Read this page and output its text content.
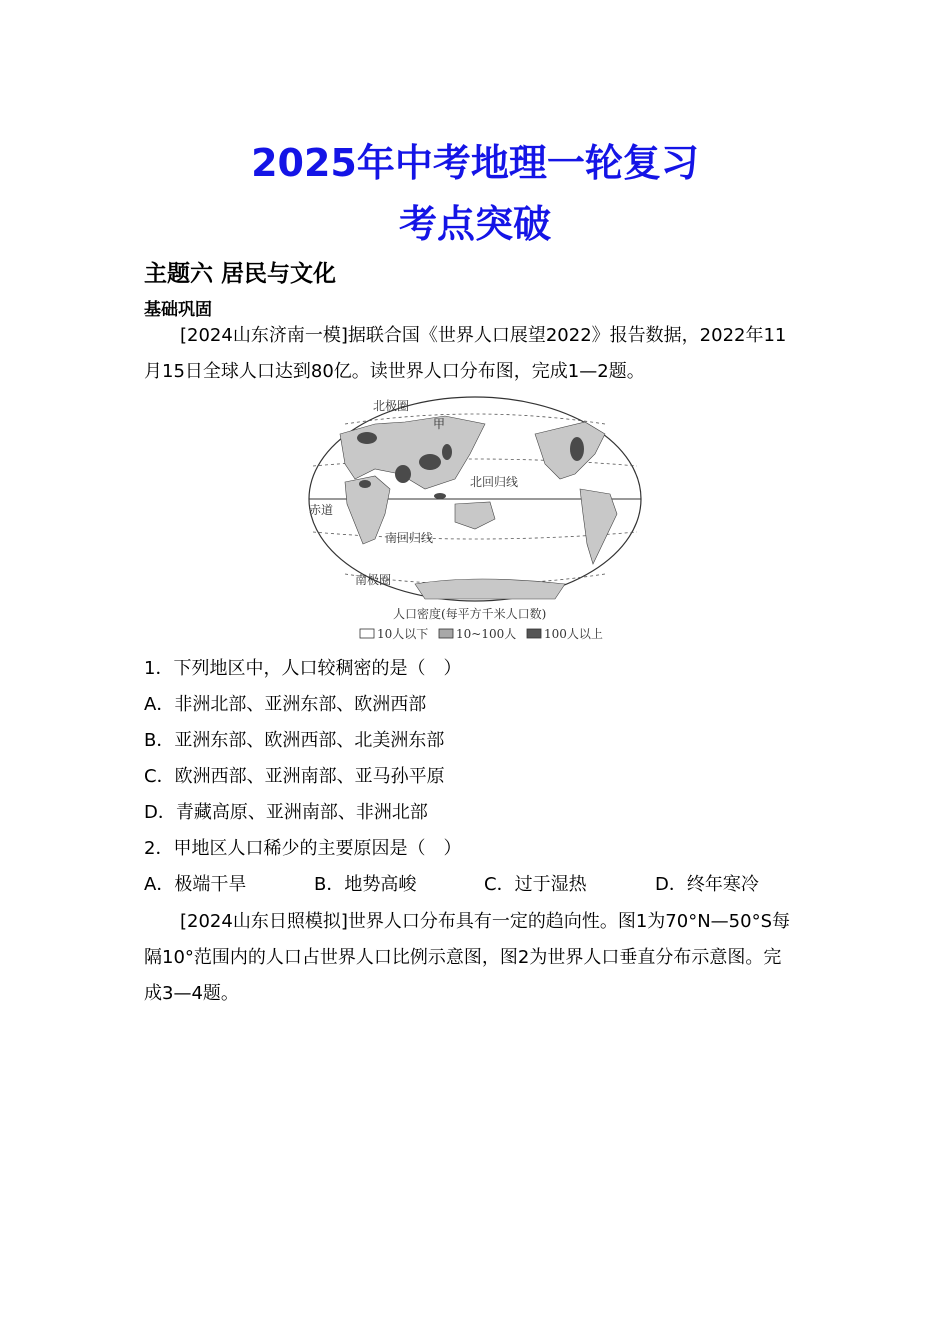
2025年中考地理一轮复习
考点突破
主题六 居民与文化
基础巩固

[2024山东济南一模]据联合国《世界人口展望2022》报告数据，2022年11月15日全球人口达到80亿。读世界人口分布图，完成1—2题。

北极圈
甲
北回归线
赤道
南回归线
南极圈
人口密度(每平方千米人口数)
10人以下 10~100人 100人以上
1．下列地区中，人口较稠密的是（　）
A．非洲北部、亚洲东部、欧洲西部
B．亚洲东部、欧洲西部、北美洲东部
C．欧洲西部、亚洲南部、亚马孙平原
D．青藏高原、亚洲南部、非洲北部
2．甲地区人口稀少的主要原因是（　）
A．极端干旱	B．地势高峻	C．过于湿热	D．终年寒冷

[2024山东日照模拟]世界人口分布具有一定的趋向性。图1为70°N—50°S每隔10°范围内的人口占世界人口比例示意图，图2为世界人口垂直分布示意图。完成3—4题。
